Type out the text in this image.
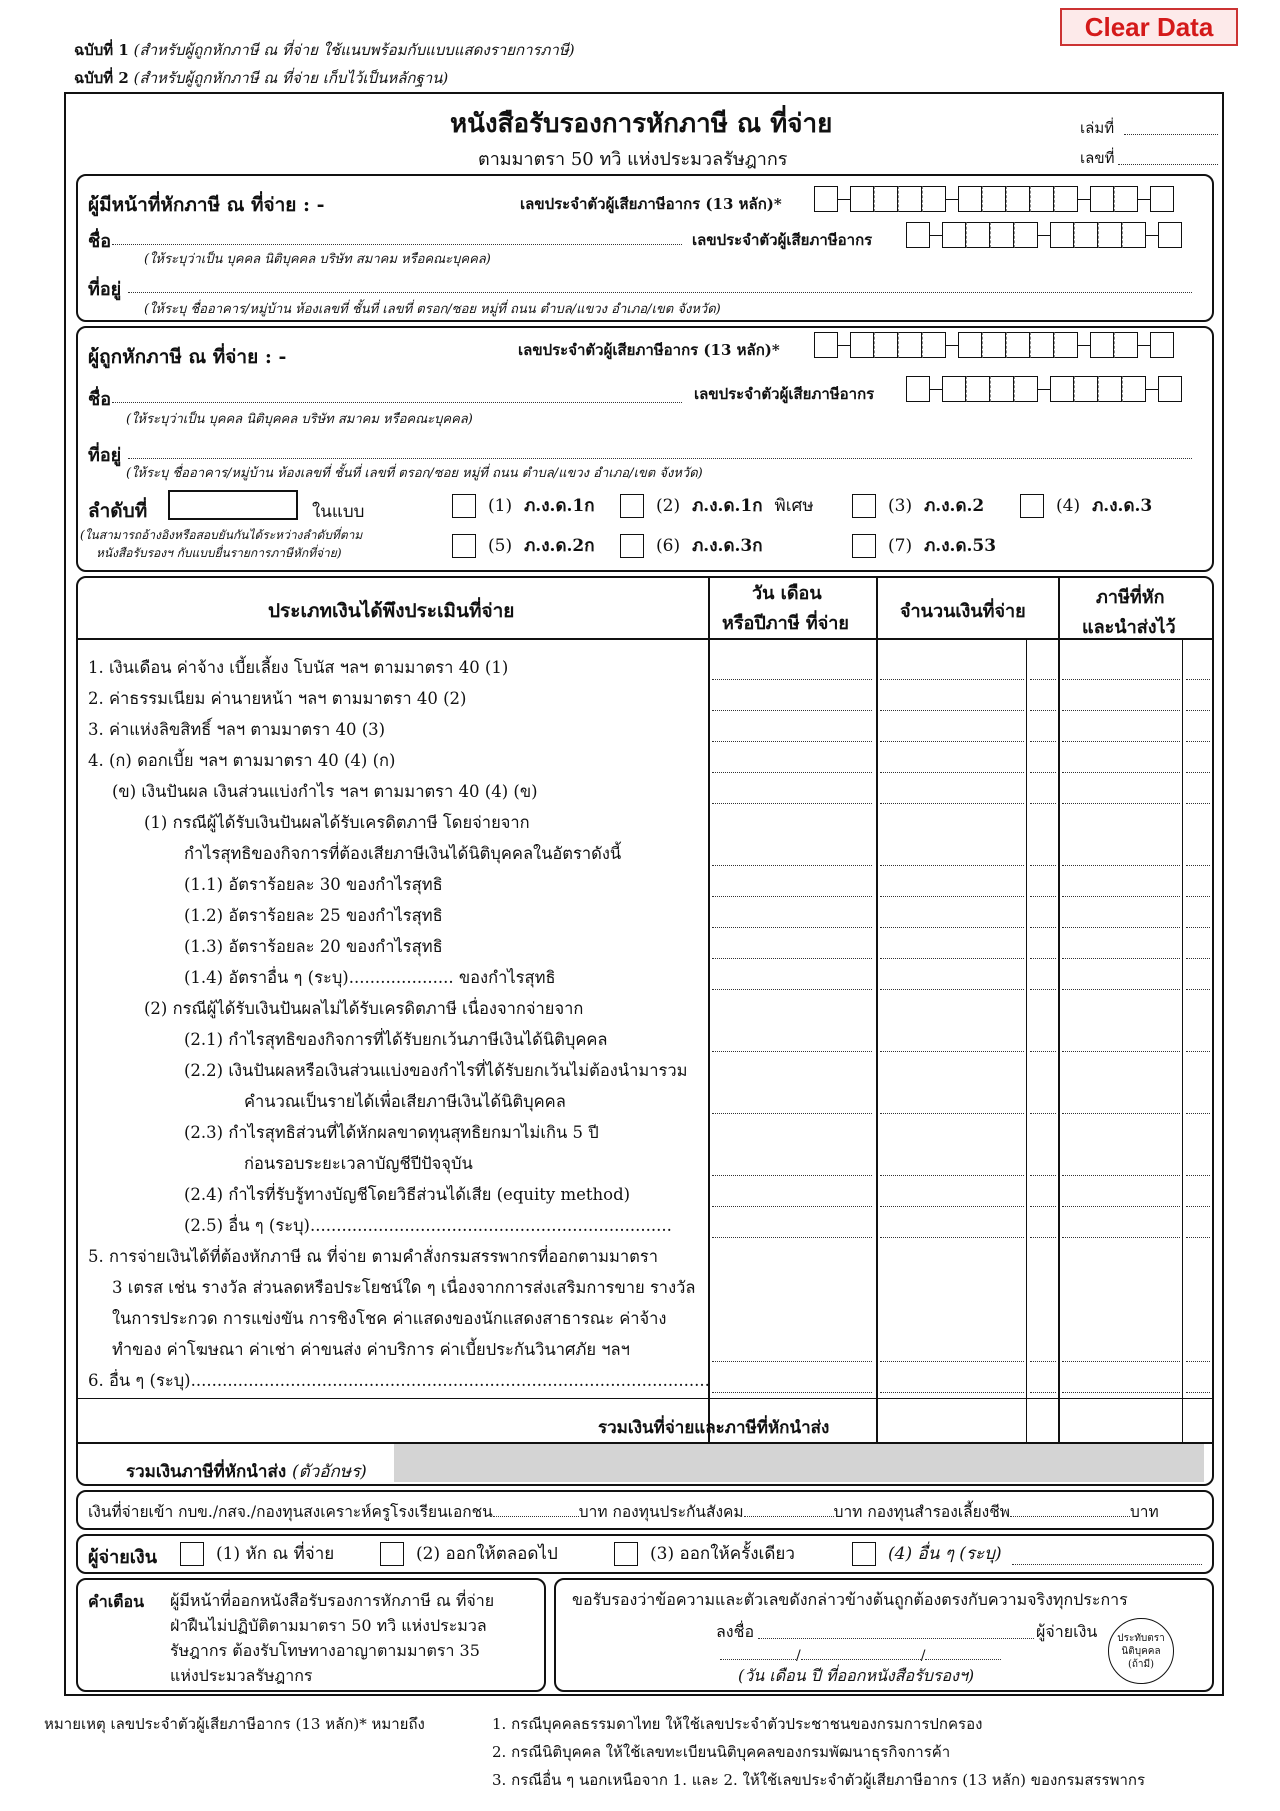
Clear Data
ฉบับที่ 1 (สำหรับผู้ถูกหักภาษี ณ ที่จ่าย ใช้แนบพร้อมกับแบบแสดงรายการภาษี)
ฉบับที่ 2 (สำหรับผู้ถูกหักภาษี ณ ที่จ่าย เก็บไว้เป็นหลักฐาน)
หนังสือรับรองการหักภาษี ณ ที่จ่าย
ตามมาตรา 50 ทวิ แห่งประมวลรัษฎากร
เล่มที่
เลขที่
ผู้มีหน้าที่หักภาษี ณ ที่จ่าย : -	เลขประจำตัวผู้เสียภาษีอากร (13 หลัก)*
ชื่อ	เลขประจำตัวผู้เสียภาษีอากร
(ให้ระบุว่าเป็น บุคคล นิติบุคคล บริษัท สมาคม หรือคณะบุคคล)
ที่อยู่
(ให้ระบุ ชื่ออาคาร/หมู่บ้าน ห้องเลขที่ ชั้นที่ เลขที่ ตรอก/ซอย หมู่ที่ ถนน ตำบล/แขวง อำเภอ/เขต จังหวัด)
ผู้ถูกหักภาษี ณ ที่จ่าย : -	เลขประจำตัวผู้เสียภาษีอากร (13 หลัก)*
ชื่อ	เลขประจำตัวผู้เสียภาษีอากร
(ให้ระบุว่าเป็น บุคคล นิติบุคคล บริษัท สมาคม หรือคณะบุคคล)
ที่อยู่
(ให้ระบุ ชื่ออาคาร/หมู่บ้าน ห้องเลขที่ ชั้นที่ เลขที่ ตรอก/ซอย หมู่ที่ ถนน ตำบล/แขวง อำเภอ/เขต จังหวัด)
ลำดับที่	ในแบบ
(ในสามารถอ้างอิงหรือสอบยันกันได้ระหว่างลำดับที่ตาม
หนังสือรับรองฯ กับแบบยื่นรายการภาษีหักที่จ่าย)
(1) ภ.ง.ด.1ก	(2) ภ.ง.ด.1ก พิเศษ	(3) ภ.ง.ด.2	(4) ภ.ง.ด.3
(5) ภ.ง.ด.2ก	(6) ภ.ง.ด.3ก	(7) ภ.ง.ด.53
ประเภทเงินได้พึงประเมินที่จ่าย
วัน เดือน
หรือปีภาษี ที่จ่าย
จำนวนเงินที่จ่าย
ภาษีที่หัก
และนำส่งไว้
1. เงินเดือน ค่าจ้าง เบี้ยเลี้ยง โบนัส ฯลฯ ตามมาตรา 40 (1)
2. ค่าธรรมเนียม ค่านายหน้า ฯลฯ ตามมาตรา 40 (2)
3. ค่าแห่งลิขสิทธิ์ ฯลฯ ตามมาตรา 40 (3)
4. (ก) ดอกเบี้ย ฯลฯ ตามมาตรา 40 (4) (ก)
(ข) เงินปันผล เงินส่วนแบ่งกำไร ฯลฯ ตามมาตรา 40 (4) (ข)
(1) กรณีผู้ได้รับเงินปันผลได้รับเครดิตภาษี โดยจ่ายจาก
กำไรสุทธิของกิจการที่ต้องเสียภาษีเงินได้นิติบุคคลในอัตราดังนี้
(1.1) อัตราร้อยละ 30 ของกำไรสุทธิ
(1.2) อัตราร้อยละ 25 ของกำไรสุทธิ
(1.3) อัตราร้อยละ 20 ของกำไรสุทธิ
(1.4) อัตราอื่น ๆ (ระบุ).................... ของกำไรสุทธิ
(2) กรณีผู้ได้รับเงินปันผลไม่ได้รับเครดิตภาษี เนื่องจากจ่ายจาก
(2.1) กำไรสุทธิของกิจการที่ได้รับยกเว้นภาษีเงินได้นิติบุคคล
(2.2) เงินปันผลหรือเงินส่วนแบ่งของกำไรที่ได้รับยกเว้นไม่ต้องนำมารวม
คำนวณเป็นรายได้เพื่อเสียภาษีเงินได้นิติบุคคล
(2.3) กำไรสุทธิส่วนที่ได้หักผลขาดทุนสุทธิยกมาไม่เกิน 5 ปี
ก่อนรอบระยะเวลาบัญชีปีปัจจุบัน
(2.4) กำไรที่รับรู้ทางบัญชีโดยวิธีส่วนได้เสีย (equity method)
(2.5) อื่น ๆ (ระบุ).....................................................................
5. การจ่ายเงินได้ที่ต้องหักภาษี ณ ที่จ่าย ตามคำสั่งกรมสรรพากรที่ออกตามมาตรา
3 เตรส เช่น รางวัล ส่วนลดหรือประโยชน์ใด ๆ เนื่องจากการส่งเสริมการขาย รางวัล
ในการประกวด การแข่งขัน การชิงโชค ค่าแสดงของนักแสดงสาธารณะ ค่าจ้าง
ทำของ ค่าโฆษณา ค่าเช่า ค่าขนส่ง ค่าบริการ ค่าเบี้ยประกันวินาศภัย ฯลฯ
6. อื่น ๆ (ระบุ)...................................................................................................
รวมเงินที่จ่ายและภาษีที่หักนำส่ง
รวมเงินภาษีที่หักนำส่ง (ตัวอักษร)
เงินที่จ่ายเข้า กบข./กสจ./กองทุนสงเคราะห์ครูโรงเรียนเอกชน	บาท กองทุนประกันสังคม	บาท กองทุนสำรองเลี้ยงชีพ	บาท
ผู้จ่ายเงิน	(1) หัก ณ ที่จ่าย	(2) ออกให้ตลอดไป	(3) ออกให้ครั้งเดียว	(4) อื่น ๆ (ระบุ)
คำเตือน ผู้มีหน้าที่ออกหนังสือรับรองการหักภาษี ณ ที่จ่าย
ฝ่าฝืนไม่ปฏิบัติตามมาตรา 50 ทวิ แห่งประมวล
รัษฎากร ต้องรับโทษทางอาญาตามมาตรา 35
แห่งประมวลรัษฎากร
ขอรับรองว่าข้อความและตัวเลขดังกล่าวข้างต้นถูกต้องตรงกับความจริงทุกประการ
ลงชื่อ	ผู้จ่ายเงิน
/	/
(วัน เดือน ปี ที่ออกหนังสือรับรองฯ)
ประทับตรา
นิติบุคคล
(ถ้ามี)
หมายเหตุ เลขประจำตัวผู้เสียภาษีอากร (13 หลัก)* หมายถึง	1. กรณีบุคคลธรรมดาไทย ให้ใช้เลขประจำตัวประชาชนของกรมการปกครอง
2. กรณีนิติบุคคล ให้ใช้เลขทะเบียนนิติบุคคลของกรมพัฒนาธุรกิจการค้า
3. กรณีอื่น ๆ นอกเหนือจาก 1. และ 2. ให้ใช้เลขประจำตัวผู้เสียภาษีอากร (13 หลัก) ของกรมสรรพากร
